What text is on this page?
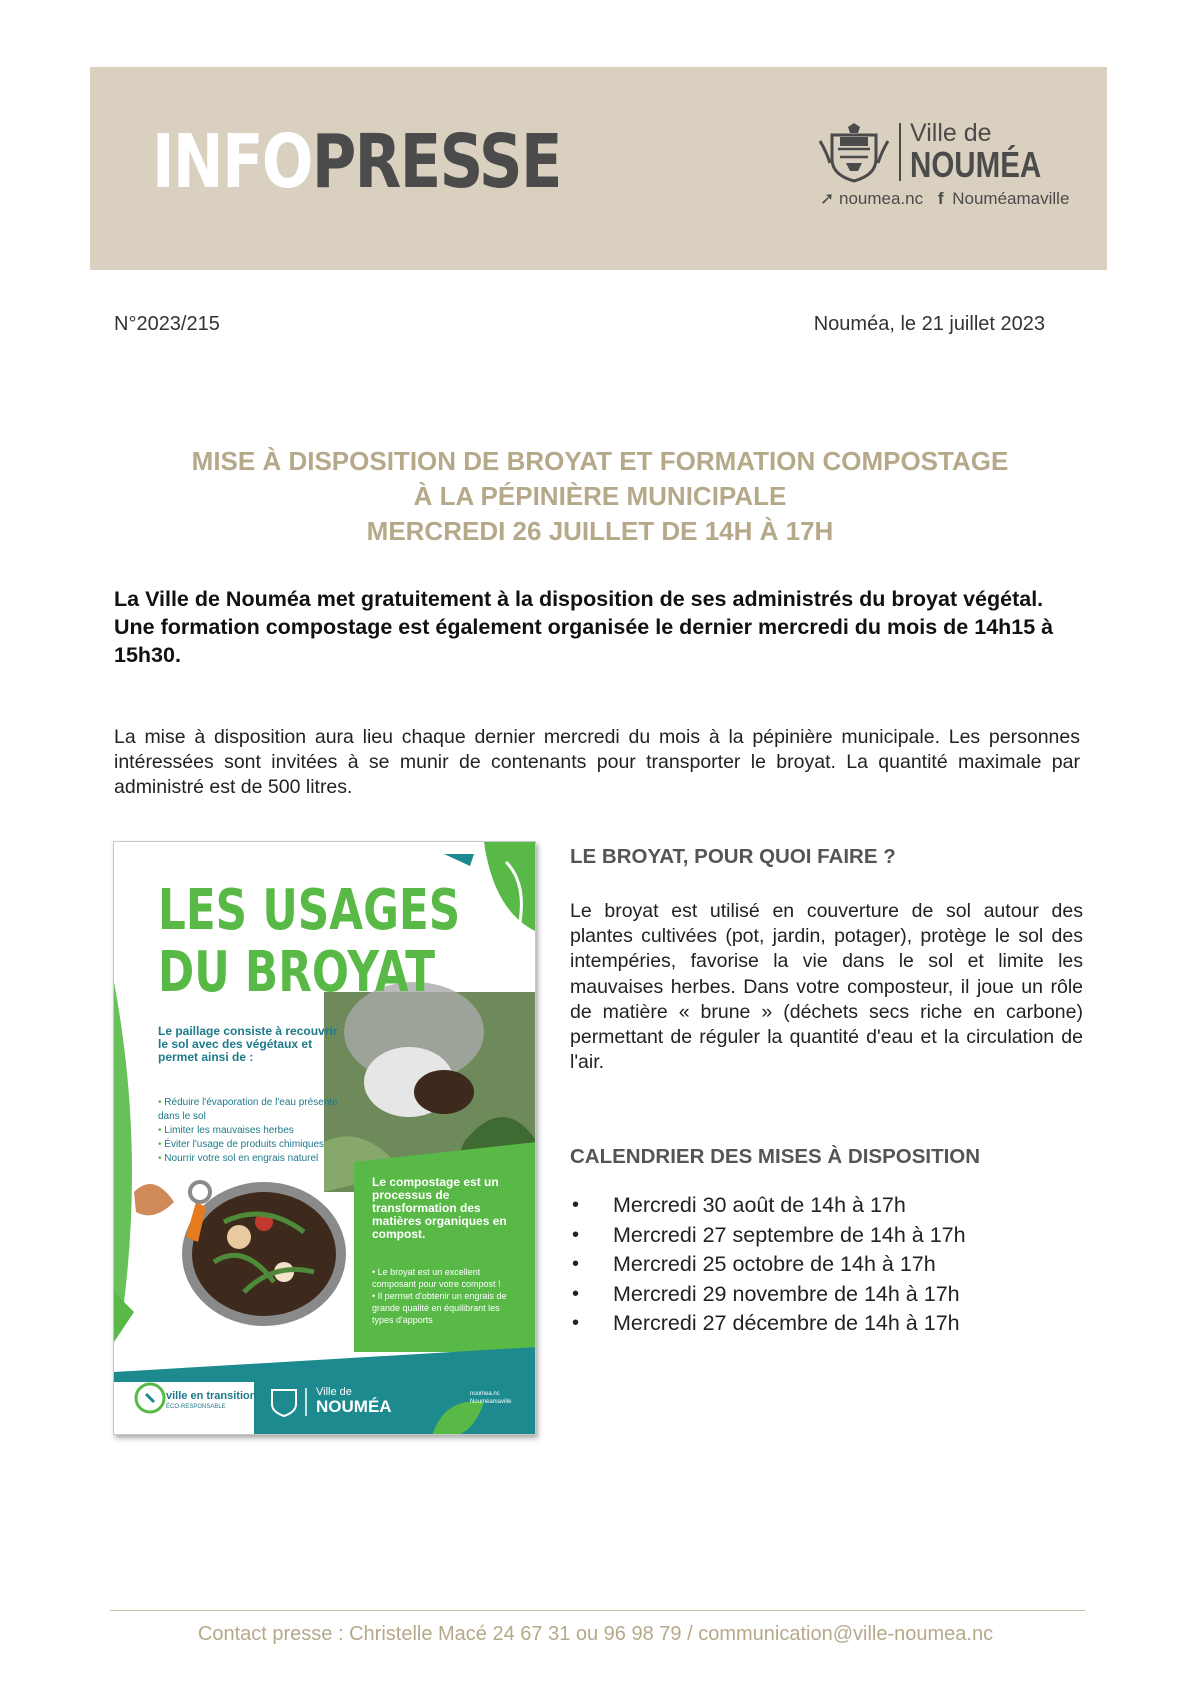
INFOPRESSE	Ville de
NOUMÉA
➚ noumea.nc f Nouméamaville
N°2023/215	Nouméa, le 21 juillet 2023
MISE À DISPOSITION DE BROYAT ET FORMATION COMPOSTAGE
À LA PÉPINIÈRE MUNICIPALE
MERCREDI 26 JUILLET DE 14H À 17H

La Ville de Nouméa met gratuitement à la disposition de ses administrés du broyat végétal. Une formation compostage est également organisée le dernier mercredi du mois de 14h15 à 15h30.

La mise à disposition aura lieu chaque dernier mercredi du mois à la pépinière municipale. Les personnes intéressées sont invitées à se munir de contenants pour transporter le broyat. La quantité maximale par administré est de 500 litres.

LES USAGES
DU BROYAT
Le paillage consiste à recouvrir le sol avec des végétaux et permet ainsi de :
• Réduire l'évaporation de l'eau présente dans le sol
• Limiter les mauvaises herbes
• Éviter l'usage de produits chimiques
• Nourrir votre sol en engrais naturel
Le compostage est un processus de transformation des matières organiques en compost.
• Le broyat est un excellent composant pour votre compost !
• Il permet d'obtenir un engrais de grande qualité en équilibrant les types d'apports
ville en transition
ÉCO-RESPONSABLE
Ville de
NOUMÉA
noumea.nc
Nouméamaville
LE BROYAT, POUR QUOI FAIRE ?

Le broyat est utilisé en couverture de sol autour des plantes cultivées (pot, jardin, potager), protège le sol des intempéries, favorise la vie dans le sol et limite les mauvaises herbes. Dans votre composteur, il joue un rôle de matière « brune » (déchets secs riche en carbone) permettant de réguler la quantité d'eau et la circulation de l'air.

CALENDRIER DES MISES À DISPOSITION
• Mercredi 30 août de 14h à 17h
• Mercredi 27 septembre de 14h à 17h
• Mercredi 25 octobre de 14h à 17h
• Mercredi 29 novembre de 14h à 17h
• Mercredi 27 décembre de 14h à 17h
Contact presse : Christelle Macé 24 67 31 ou 96 98 79 / communication@ville-noumea.nc
